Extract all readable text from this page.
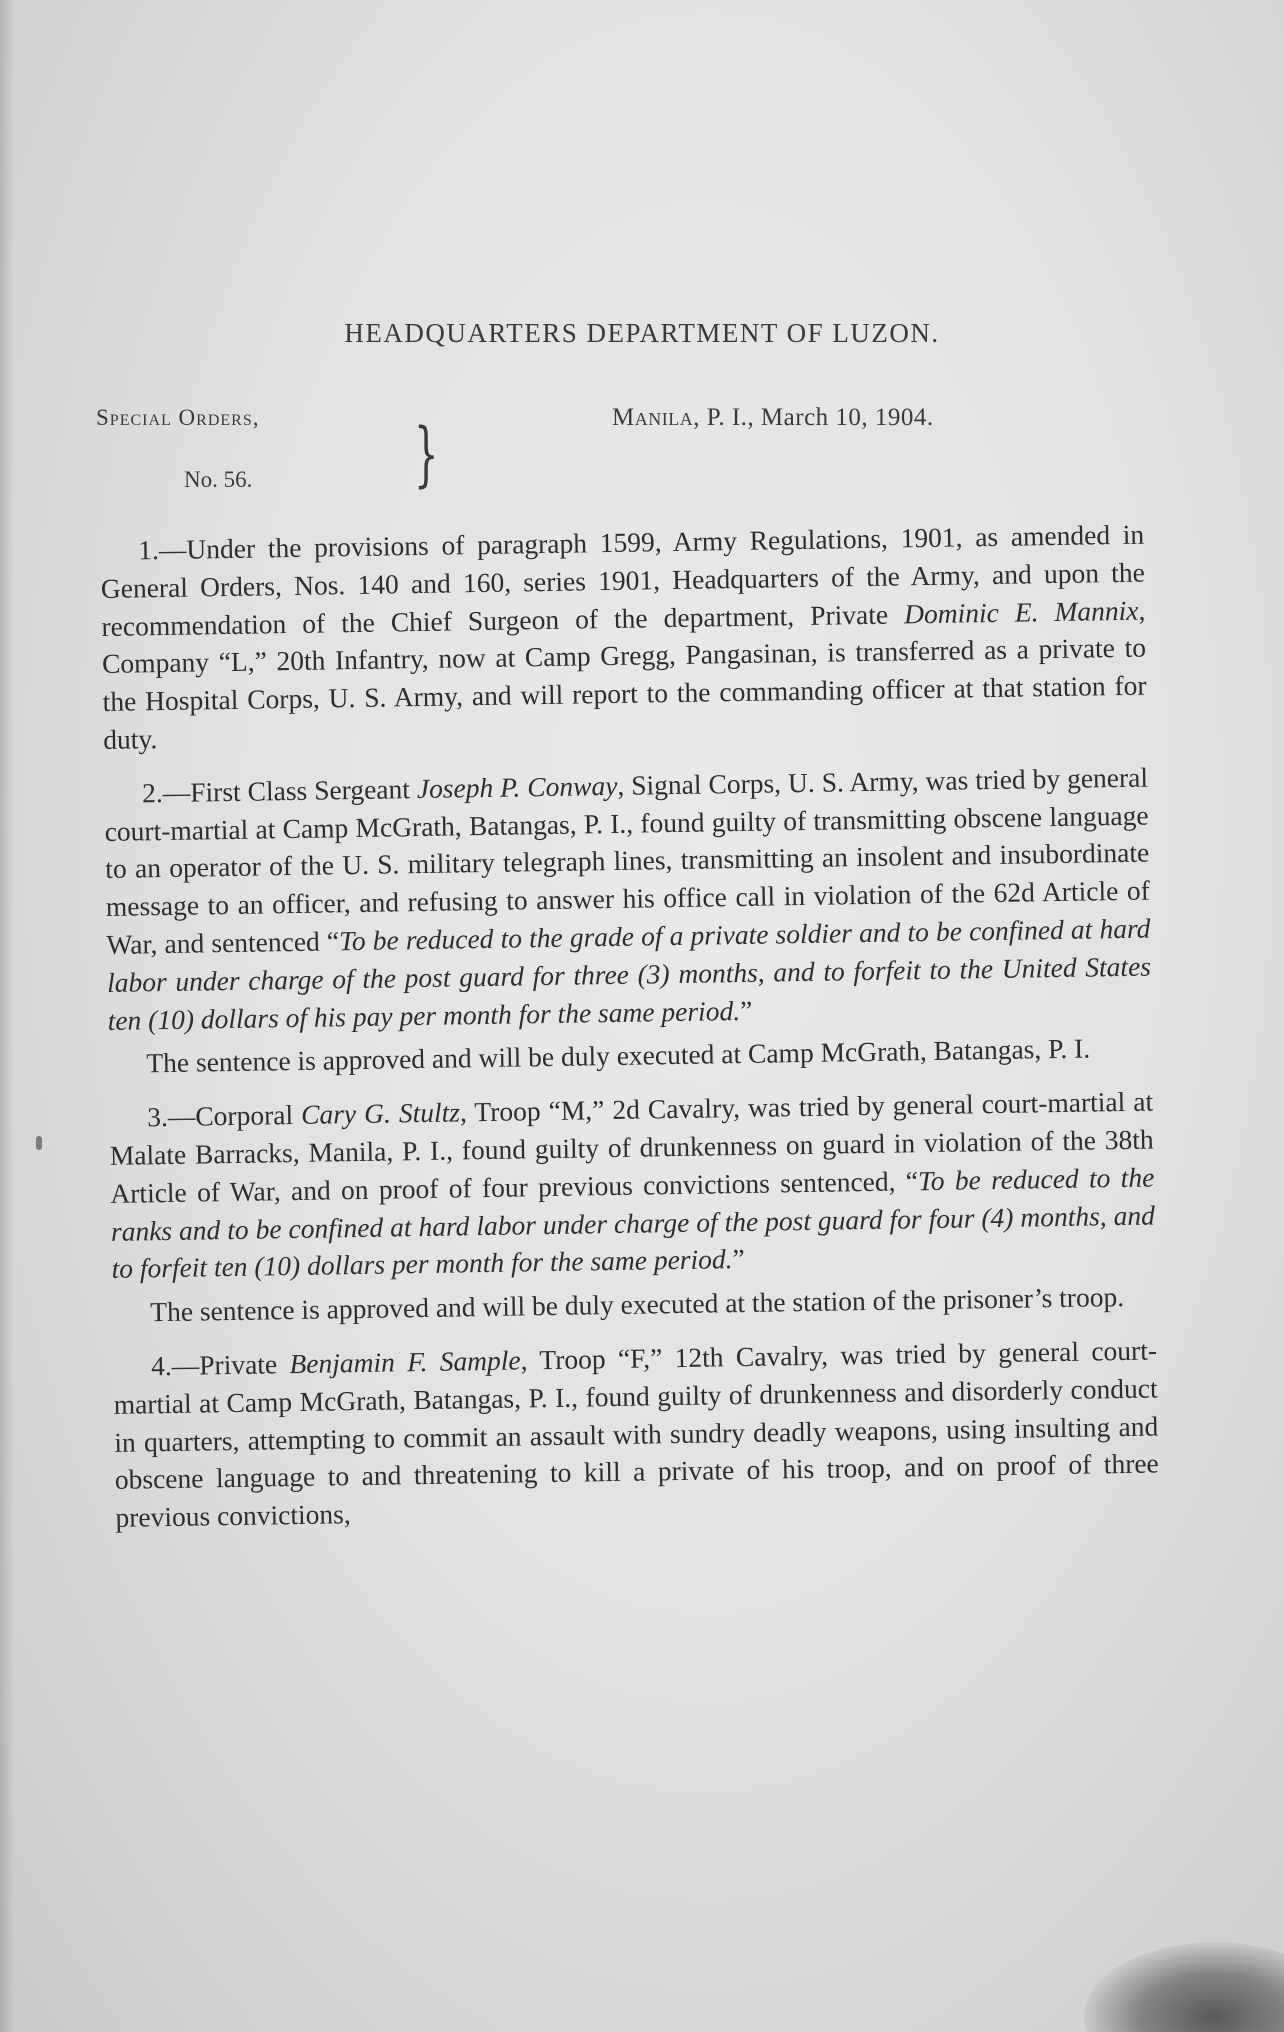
HEADQUARTERS DEPARTMENT OF LUZON.
Special Orders,
No. 56. }	Manila, P. I., March 10, 1904.

1.—Under the provisions of paragraph 1599, Army Regulations, 1901, as amended in General Orders, Nos. 140 and 160, series 1901, Headquarters of the Army, and upon the recommendation of the Chief Surgeon of the department, Private Dominic E. Mannix, Company “L,” 20th Infantry, now at Camp Gregg, Pangasinan, is transferred as a private to the Hospital Corps, U. S. Army, and will report to the commanding officer at that station for duty.

2.—First Class Sergeant Joseph P. Conway, Signal Corps, U. S. Army, was tried by general court-martial at Camp McGrath, Batangas, P. I., found guilty of transmitting obscene language to an operator of the U. S. military telegraph lines, transmitting an insolent and insubordinate message to an officer, and refusing to answer his office call in violation of the 62d Article of War, and sentenced “To be reduced to the grade of a private soldier and to be confined at hard labor under charge of the post guard for three (3) months, and to forfeit to the United States ten (10) dollars of his pay per month for the same period.”

The sentence is approved and will be duly executed at Camp McGrath, Batangas, P. I.

3.—Corporal Cary G. Stultz, Troop “M,” 2d Cavalry, was tried by general court-martial at Malate Barracks, Manila, P. I., found guilty of drunkenness on guard in violation of the 38th Article of War, and on proof of four previous convictions sentenced, “To be reduced to the ranks and to be confined at hard labor under charge of the post guard for four (4) months, and to forfeit ten (10) dollars per month for the same period.”

The sentence is approved and will be duly executed at the station of the prisoner’s troop.

4.—Private Benjamin F. Sample, Troop “F,” 12th Cavalry, was tried by general court-martial at Camp McGrath, Batangas, P. I., found guilty of drunkenness and disorderly conduct in quarters, attempting to commit an assault with sundry deadly weapons, using insulting and obscene language to and threatening to kill a private of his troop, and on proof of three previous convictions,
